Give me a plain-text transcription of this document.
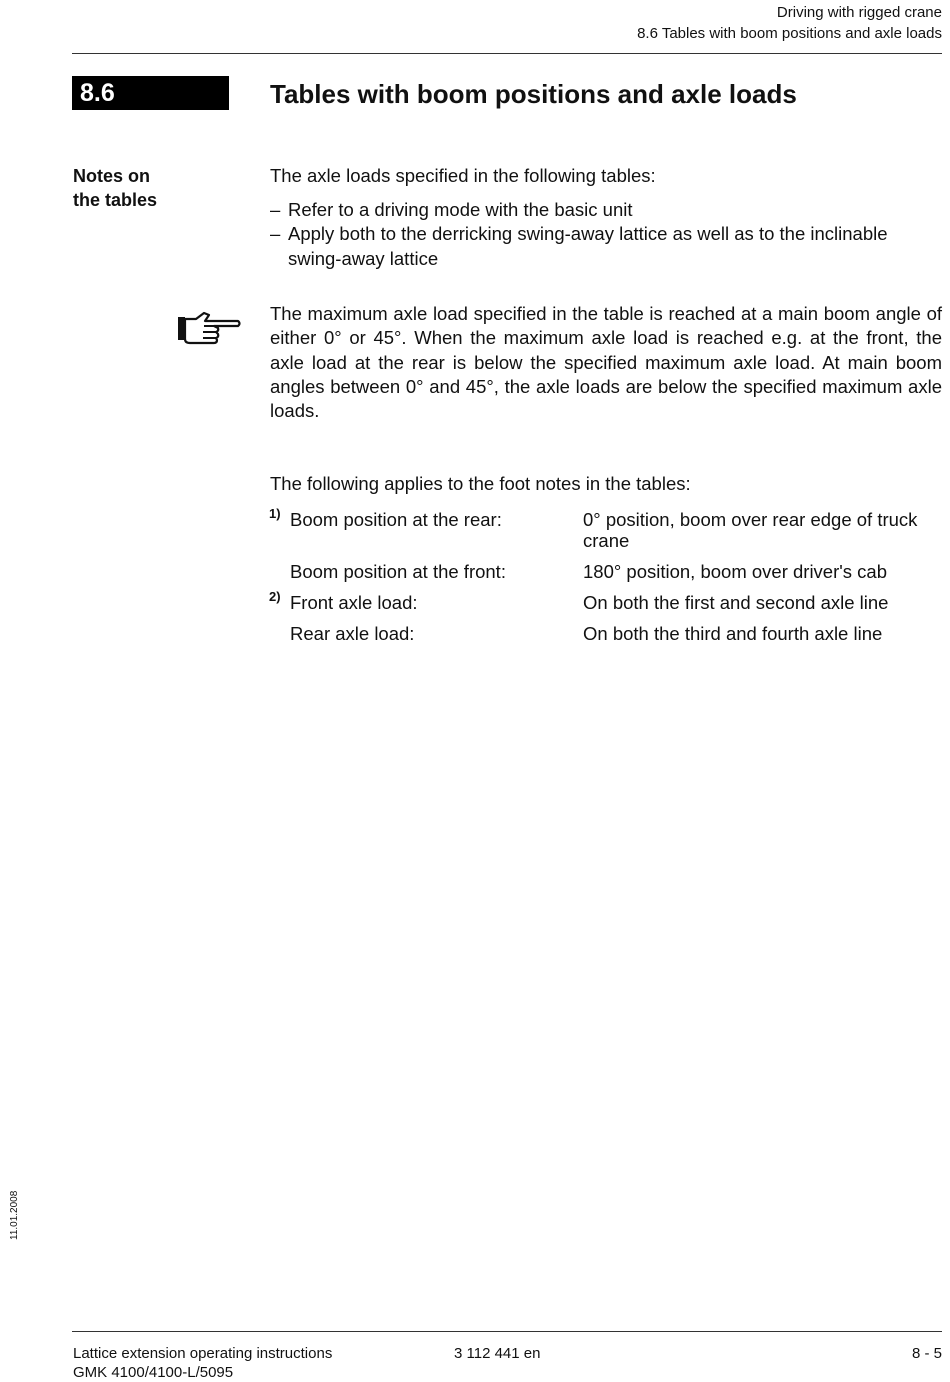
Driving with rigged crane
8.6 Tables with boom positions and axle loads
8.6	Tables with boom positions and axle loads
Notes on
the tables
The axle loads specified in the following tables:
– Refer to a driving mode with the basic unit
– Apply both to the derricking swing-away lattice as well as to the inclinable swing-away lattice
The maximum axle load specified in the table is reached at a main boom angle of either 0° or 45°. When the maximum axle load is reached e.g. at the front, the axle load at the rear is below the specified maximum axle load. At main boom angles between 0° and 45°, the axle loads are below the specified maximum axle loads.
The following applies to the foot notes in the tables:
1) Boom position at the rear:	0° position, boom over rear edge of truck crane
Boom position at the front:	180° position, boom over driver's cab
2) Front axle load:	On both the first and second axle line
Rear axle load:	On both the third and fourth axle line
11.01.2008
Lattice extension operating instructions
GMK 4100/4100-L/5095
3 112 441 en	8 - 5
